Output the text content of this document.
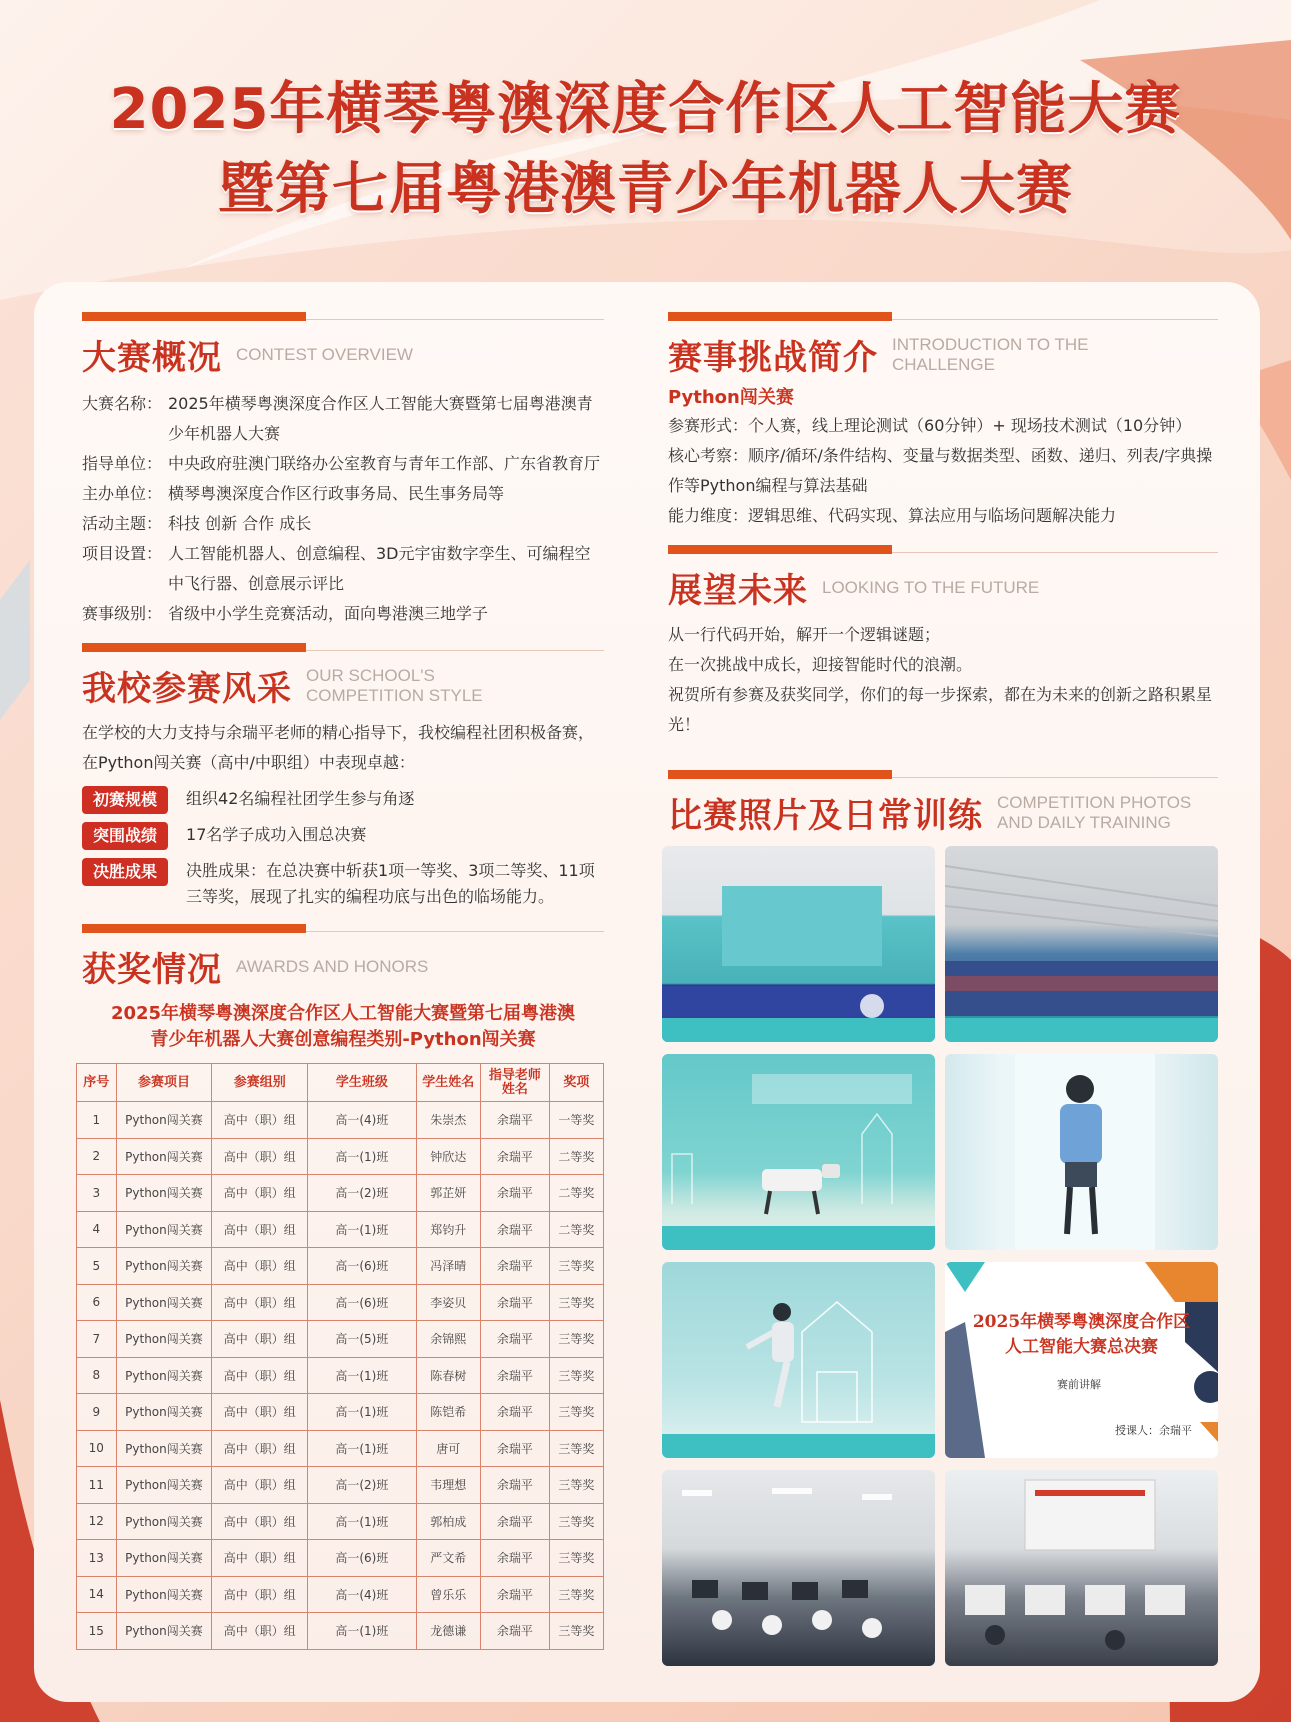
2025年横琴粤澳深度合作区人工智能大赛
暨第七届粤港澳青少年机器人大赛
大赛概况 CONTEST OVERVIEW
大赛名称： 2025年横琴粤澳深度合作区人工智能大赛暨第七届粤港澳青少年机器人大赛
指导单位： 中央政府驻澳门联络办公室教育与青年工作部、广东省教育厅
主办单位： 横琴粤澳深度合作区行政事务局、民生事务局等
活动主题： 科技 创新 合作 成长
项目设置： 人工智能机器人、创意编程、3D元宇宙数字孪生、可编程空中飞行器、创意展示评比
赛事级别： 省级中小学生竞赛活动，面向粤港澳三地学子
我校参赛风采 OUR SCHOOL'S
COMPETITION STYLE

在学校的大力支持与余瑞平老师的精心指导下，我校编程社团积极备赛，在Python闯关赛（高中/中职组）中表现卓越：

初赛规模	组织42名编程社团学生参与角逐
突围战绩	17名学子成功入围总决赛
决胜成果	决胜成果：在总决赛中斩获1项一等奖、3项二等奖、11项三等奖，展现了扎实的编程功底与出色的临场能力。
获奖情况 AWARDS AND HONORS
2025年横琴粤澳深度合作区人工智能大赛暨第七届粤港澳
青少年机器人大赛创意编程类别-Python闯关赛
序号	参赛项目	参赛组别	学生班级	学生姓名	指导老师
姓名	奖项
1	Python闯关赛	高中（职）组	高一(4)班	朱崇杰	余瑞平	一等奖
2	Python闯关赛	高中（职）组	高一(1)班	钟欣达	余瑞平	二等奖
3	Python闯关赛	高中（职）组	高一(2)班	郭芷妍	余瑞平	二等奖
4	Python闯关赛	高中（职）组	高一(1)班	郑钧升	余瑞平	二等奖
5	Python闯关赛	高中（职）组	高一(6)班	冯泽晴	余瑞平	三等奖
6	Python闯关赛	高中（职）组	高一(6)班	李姿贝	余瑞平	三等奖
7	Python闯关赛	高中（职）组	高一(5)班	余锦熙	余瑞平	三等奖
8	Python闯关赛	高中（职）组	高一(1)班	陈春树	余瑞平	三等奖
9	Python闯关赛	高中（职）组	高一(1)班	陈铠希	余瑞平	三等奖
10	Python闯关赛	高中（职）组	高一(1)班	唐可	余瑞平	三等奖
11	Python闯关赛	高中（职）组	高一(2)班	韦理想	余瑞平	三等奖
12	Python闯关赛	高中（职）组	高一(1)班	郭柏成	余瑞平	三等奖
13	Python闯关赛	高中（职）组	高一(6)班	严文希	余瑞平	三等奖
14	Python闯关赛	高中（职）组	高一(4)班	曾乐乐	余瑞平	三等奖
15	Python闯关赛	高中（职）组	高一(1)班	龙德谦	余瑞平	三等奖
赛事挑战简介 INTRODUCTION TO THE
CHALLENGE
Python闯关赛

参赛形式：个人赛，线上理论测试（60分钟）+ 现场技术测试（10分钟）

核心考察：顺序/循环/条件结构、变量与数据类型、函数、递归、列表/字典操作等Python编程与算法基础

能力维度：逻辑思维、代码实现、算法应用与临场问题解决能力

展望未来 LOOKING TO THE FUTURE

从一行代码开始，解开一个逻辑谜题；

在一次挑战中成长，迎接智能时代的浪潮。

祝贺所有参赛及获奖同学，你们的每一步探索，都在为未来的创新之路积累星光！

比赛照片及日常训练 COMPETITION PHOTOS
AND DAILY TRAINING
2025年横琴粤澳深度合作区
人工智能大赛总决赛
赛前讲解
授课人：余瑞平
